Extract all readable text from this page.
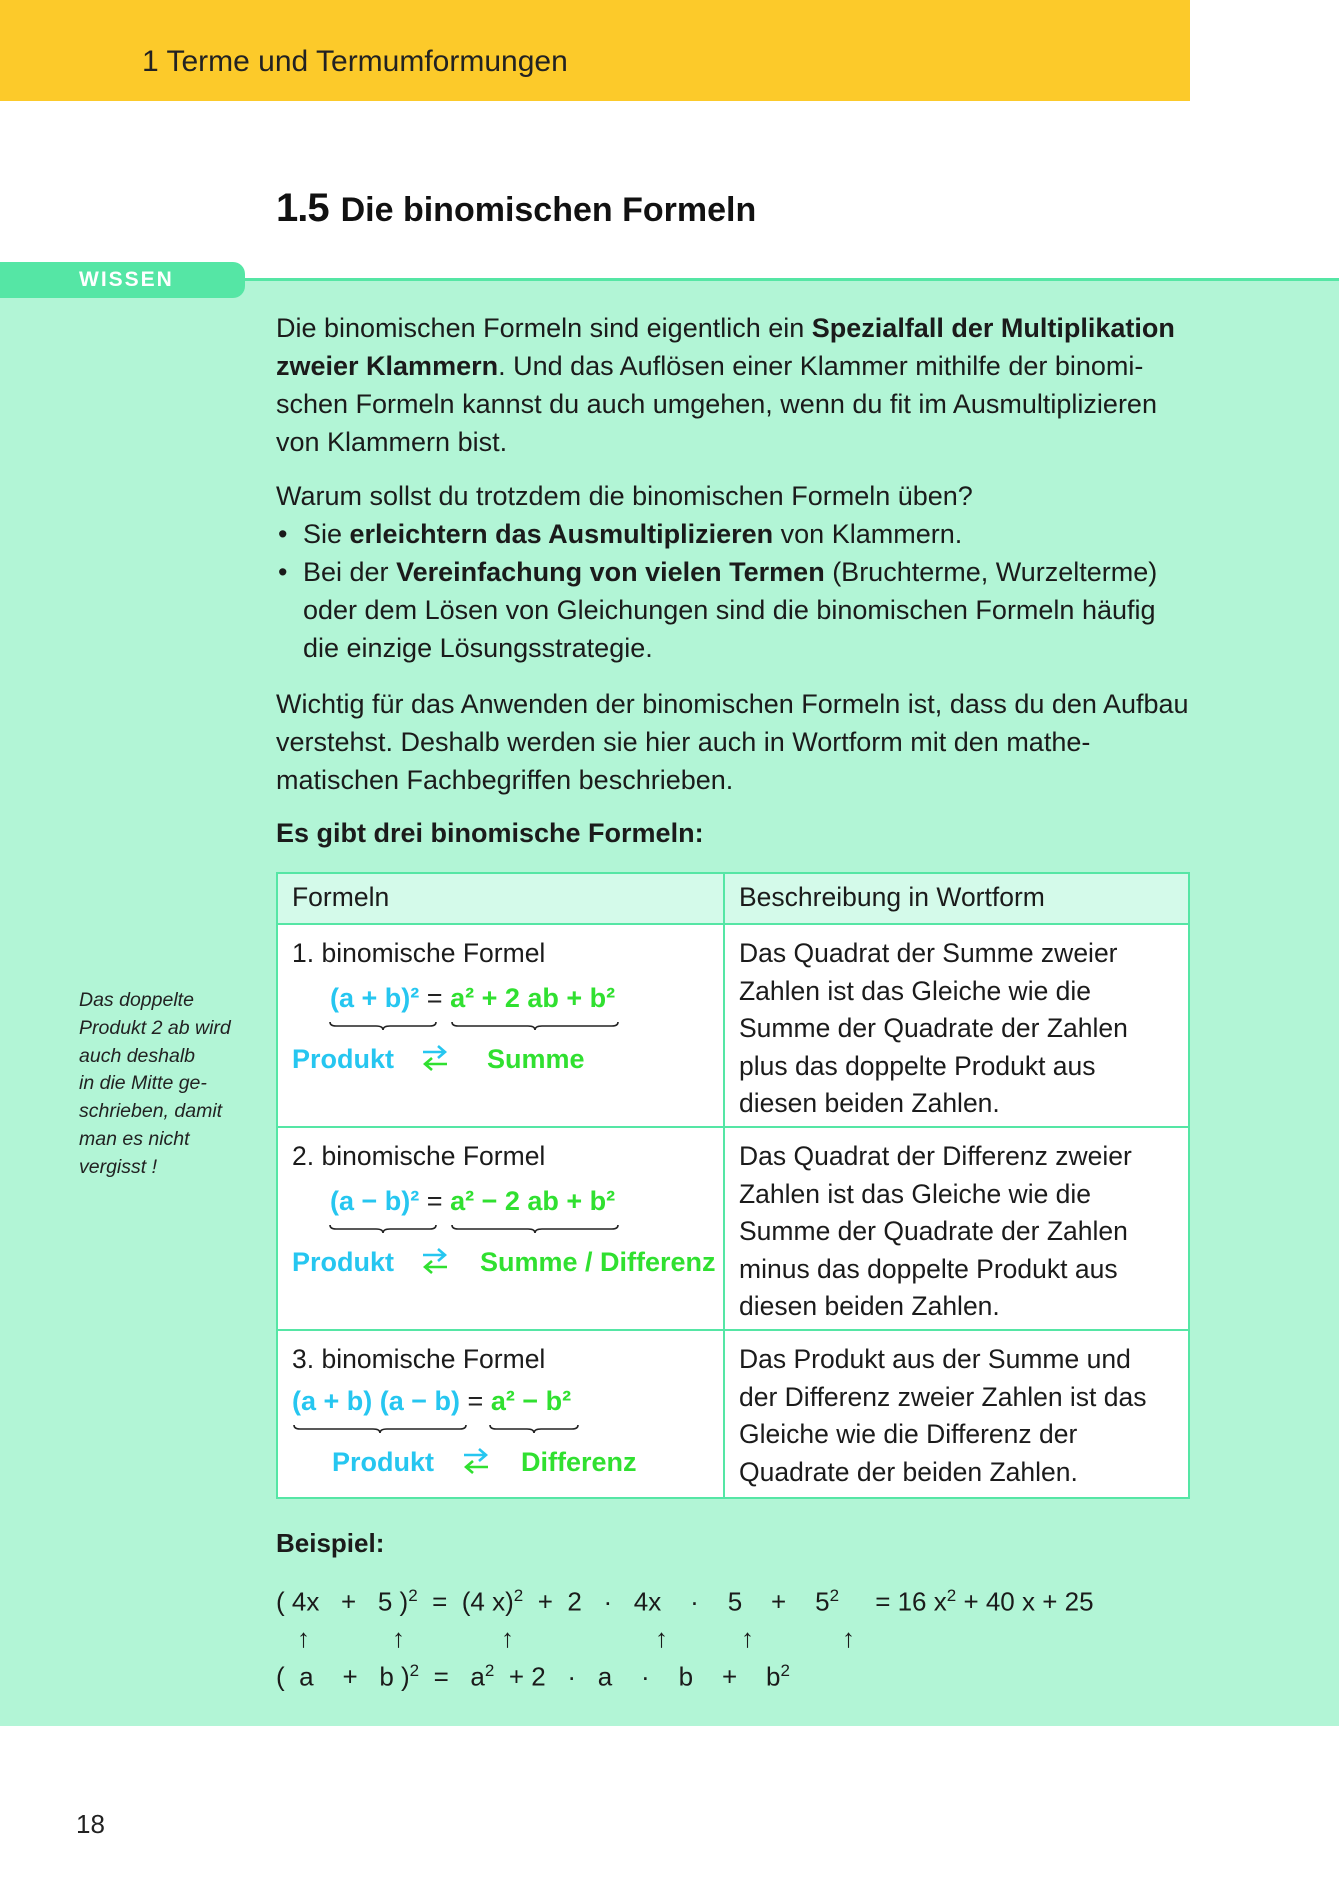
1 Terme und Termumformungen
1.5 Die binomischen Formeln
WISSEN
Das doppelte
Produkt 2 ab wird
auch deshalb
in die Mitte ge-
schrieben, damit
man es nicht
vergisst !
Die binomischen Formeln sind eigentlich ein Spezialfall der Multiplikation zweier Klammern. Und das Auflösen einer Klammer mithilfe der binomischen Formeln kannst du auch umgehen, wenn du fit im Ausmultiplizieren von Klammern bist.
Warum sollst du trotzdem die binomischen Formeln üben?
• Sie erleichtern das Ausmultiplizieren von Klammern.
• Bei der Vereinfachung von vielen Termen (Bruchterme, Wurzelterme) oder dem Lösen von Gleichungen sind die binomischen Formeln häufig die einzige Lösungsstrategie.
Wichtig für das Anwenden der binomischen Formeln ist, dass du den Aufbau verstehst. Deshalb werden sie hier auch in Wortform mit den mathematischen Fachbegriffen beschrieben.
Es gibt drei binomische Formeln:
Formeln	Beschreibung in Wortform

1. binomische Formel
(a + b)² = a² + 2 ab + b²
Produkt Summe	Das Quadrat der Summe zweier Zahlen ist das Gleiche wie die Summe der Quadrate der Zahlen plus das doppelte Produkt aus diesen beiden Zahlen.

2. binomische Formel
(a − b)² = a² − 2 ab + b²
Produkt Summe / Differenz	Das Quadrat der Differenz zweier Zahlen ist das Gleiche wie die Summe der Quadrate der Zahlen minus das doppelte Produkt aus diesen beiden Zahlen.

3. binomische Formel
(a + b) (a − b) = a² − b²
Produkt Differenz	Das Produkt aus der Summe und der Differenz zweier Zahlen ist das Gleiche wie die Differenz der Quadrate der beiden Zahlen.
Beispiel:
( 4x   +   5 )$^2$ =  (4 x)$^2$ +  2   ·   4x    ·    5    +    $5^2 = 16$ $x^2 + 40$ x + 25
↑	↑	↑	↑	↑	↑
(  a    +   b )$^2 = a^2 + 2 \cdot a$    ·    b    +    $b^2$
18
